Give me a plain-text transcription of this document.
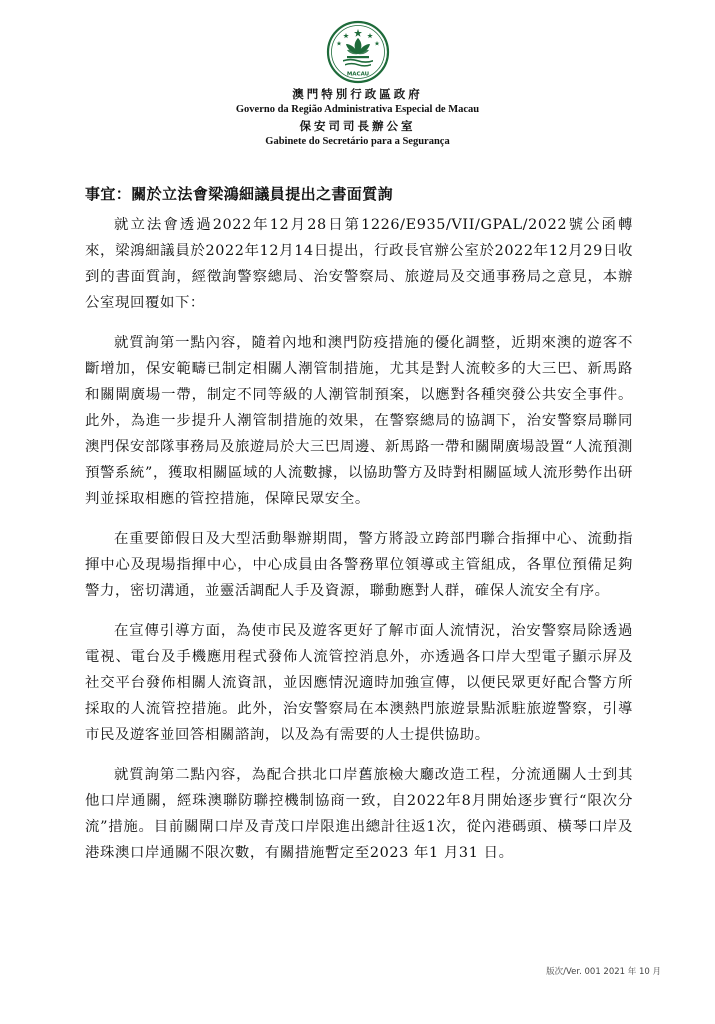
MACAU
澳門特別行政區政府
Governo da Região Administrativa Especial de Macau
保安司司長辦公室
Gabinete do Secretário para a Segurança
事宜：關於立法會梁鴻細議員提出之書面質詢

就立法會透過2022年12月28日第1226/E935/VII/GPAL/2022號公函轉來，梁鴻細議員於2022年12月14日提出，行政長官辦公室於2022年12月29日收到的書面質詢，經徵詢警察總局、治安警察局、旅遊局及交通事務局之意見，本辦公室現回覆如下：

就質詢第一點內容，隨着內地和澳門防疫措施的優化調整，近期來澳的遊客不斷增加，保安範疇已制定相關人潮管制措施，尤其是對人流較多的大三巴、新馬路和關閘廣場一帶，制定不同等級的人潮管制預案，以應對各種突發公共安全事件。此外，為進一步提升人潮管制措施的效果，在警察總局的協調下，治安警察局聯同澳門保安部隊事務局及旅遊局於大三巴周邊、新馬路一帶和關閘廣場設置“人流預測預警系統”，獲取相關區域的人流數據，以協助警方及時對相關區域人流形勢作出研判並採取相應的管控措施，保障民眾安全。

在重要節假日及大型活動舉辦期間，警方將設立跨部門聯合指揮中心、流動指揮中心及現場指揮中心，中心成員由各警務單位領導或主管組成，各單位預備足夠警力，密切溝通，並靈活調配人手及資源，聯動應對人群，確保人流安全有序。

在宣傳引導方面，為使市民及遊客更好了解市面人流情況，治安警察局除透過電視、電台及手機應用程式發佈人流管控消息外，亦透過各口岸大型電子顯示屏及社交平台發佈相關人流資訊，並因應情況適時加強宣傳，以便民眾更好配合警方所採取的人流管控措施。此外，治安警察局在本澳熱門旅遊景點派駐旅遊警察，引導市民及遊客並回答相關諮詢，以及為有需要的人士提供協助。

就質詢第二點內容，為配合拱北口岸舊旅檢大廳改造工程，分流通關人士到其他口岸通關，經珠澳聯防聯控機制協商一致，自2022年8月開始逐步實行“限次分流”措施。目前關閘口岸及青茂口岸限進出總計往返1次，從內港碼頭、橫琴口岸及港珠澳口岸通關不限次數，有關措施暫定至2023 年1 月31 日。

版次/Ver. 001 2021 年 10 月
